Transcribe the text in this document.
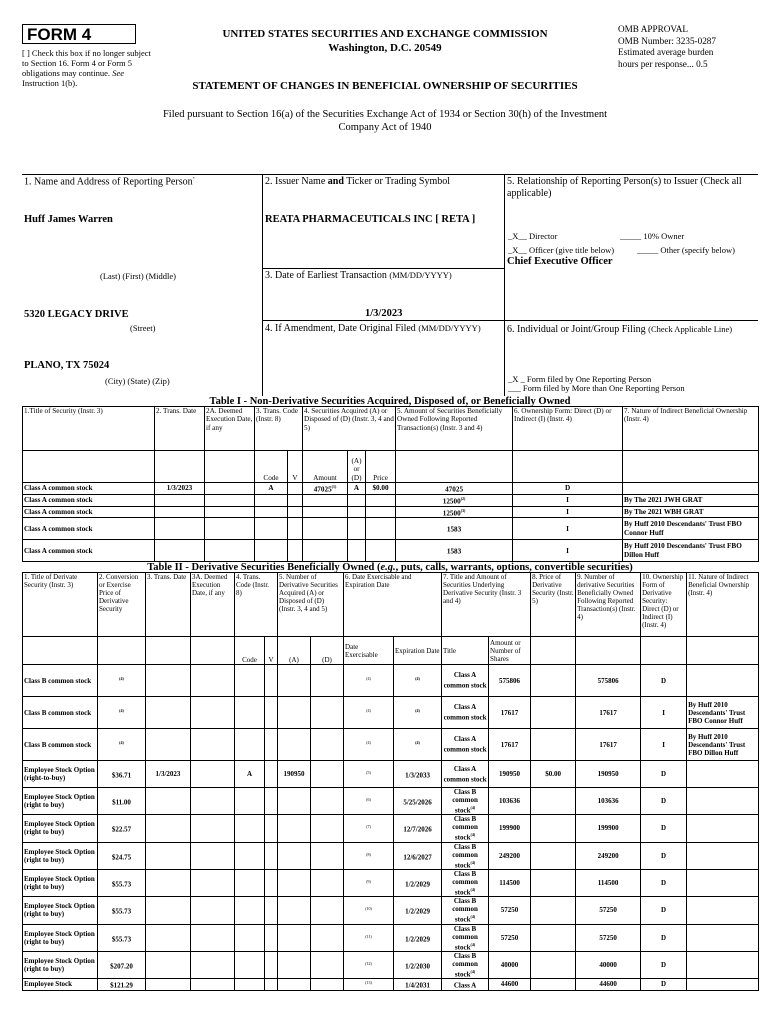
FORM 4
[ ] Check this box if no longer subject to Section 16. Form 4 or Form 5 obligations may continue. See Instruction 1(b).
UNITED STATES SECURITIES AND EXCHANGE COMMISSION
Washington, D.C. 20549
STATEMENT OF CHANGES IN BENEFICIAL OWNERSHIP OF SECURITIES
Filed pursuant to Section 16(a) of the Securities Exchange Act of 1934 or Section 30(h) of the Investment Company Act of 1940
OMB APPROVAL
OMB Number: 3235-0287
Estimated average burden
hours per response... 0.5
1. Name and Address of Reporting Person*
Huff James Warren
(Last) (First) (Middle)
5320 LEGACY DRIVE
(Street)
PLANO, TX 75024
(City) (State) (Zip)
2. Issuer Name and Ticker or Trading Symbol
REATA PHARMACEUTICALS INC [ RETA ]
3. Date of Earliest Transaction (MM/DD/YYYY)
1/3/2023
4. If Amendment, Date Original Filed (MM/DD/YYYY)
5. Relationship of Reporting Person(s) to Issuer (Check all applicable)
_X__ Director	_____ 10% Owner
_X__ Officer (give title below)	_____ Other (specify below)
Chief Executive Officer
6. Individual or Joint/Group Filing (Check Applicable Line)
_X _ Form filed by One Reporting Person
___ Form filed by More than One Reporting Person
Table I - Non-Derivative Securities Acquired, Disposed of, or Beneficially Owned
1.Title of Security (Instr. 3)	2. Trans. Date	2A. Deemed Execution Date, if any	3. Trans. Code (Instr. 8)		4. Securities Acquired (A) or Disposed of (D) (Instr. 3, 4 and 5)			5. Amount of Securities Beneficially Owned Following Reported Transaction(s) (Instr. 3 and 4)	6. Ownership Form: Direct (D) or Indirect (I) (Instr. 4)	7. Nature of Indirect Beneficial Ownership (Instr. 4)
			Code	V	Amount	(A) or (D)	Price			
Class A common stock	1/3/2023		A		47025$^{(1)}$	A	$0.00	47025	D	
Class A common stock								12500$^{(2)}$	I	By The 2021 JWH GRAT
Class A common stock								12500$^{(3)}$	I	By The 2021 WBH GRAT
Class A common stock								1583	I	By Huff 2010 Descendants' Trust FBO Connor Huff
Class A common stock								1583	I	By Huff 2010 Descendants' Trust FBO Dillon Huff
Table II - Derivative Securities Beneficially Owned (e.g., puts, calls, warrants, options, convertible securities)
1. Title of Derivate Security (Instr. 3)	2. Conversion or Exercise Price of Derivative Security	3. Trans. Date	3A. Deemed Execution Date, if any	4. Trans. Code (Instr. 8)		5. Number of Derivative Securities Acquired (A) or Disposed of (D) (Instr. 3, 4 and 5)		6. Date Exercisable and Expiration Date		7. Title and Amount of Securities Underlying Derivative Security (Instr. 3 and 4)		8. Price of Derivative Security (Instr. 5)	9. Number of derivative Securities Beneficially Owned Following Reported Transaction(s) (Instr. 4)	10. Ownership Form of Derivative Security: Direct (D) or Indirect (I) (Instr. 4)	11. Nature of Indirect Beneficial Ownership (Instr. 4)
				Code	V	(A)	(D)	Date Exercisable	Expiration Date	Title	Amount or Number of Shares				
Class B common stock	$^{(4)}$							$^{(4)}$	$^{(4)}$	Class A common stock	575806		575806	D	
Class B common stock	$^{(4)}$							$^{(4)}$	$^{(4)}$	Class A common stock	17617		17617	I	By Huff 2010 Descendants' Trust FBO Connor Huff
Class B common stock	$^{(4)}$							$^{(4)}$	$^{(4)}$	Class A common stock	17617		17617	I	By Huff 2010 Descendants' Trust FBO Dillon Huff
Employee Stock Option (right-to-buy)	$36.71	1/3/2023		A		190950		$^{(5)}$	1/3/2033	Class A common stock	190950	$0.00	190950	D	
Employee Stock Option (right to buy)	$11.00							$^{(6)}$	5/25/2026	Class B common stock$^{(4)}$	103636		103636	D	
Employee Stock Option (right to buy)	$22.57							$^{(7)}$	12/7/2026	Class B common stock$^{(4)}$	199900		199900	D	
Employee Stock Option (right to buy)	$24.75							$^{(8)}$	12/6/2027	Class B common stock$^{(4)}$	249200		249200	D	
Employee Stock Option (right to buy)	$55.73							$^{(9)}$	1/2/2029	Class B common stock$^{(4)}$	114500		114500	D	
Employee Stock Option (right to buy)	$55.73							$^{(10)}$	1/2/2029	Class B common stock$^{(4)}$	57250		57250	D	
Employee Stock Option (right to buy)	$55.73							$^{(11)}$	1/2/2029	Class B common stock$^{(4)}$	57250		57250	D	
Employee Stock Option (right to buy)	$207.20							$^{(12)}$	1/2/2030	Class B common stock$^{(4)}$	40000		40000	D	
Employee Stock	$121.29							$^{(13)}$	1/4/2031	Class A	44600		44600	D	
